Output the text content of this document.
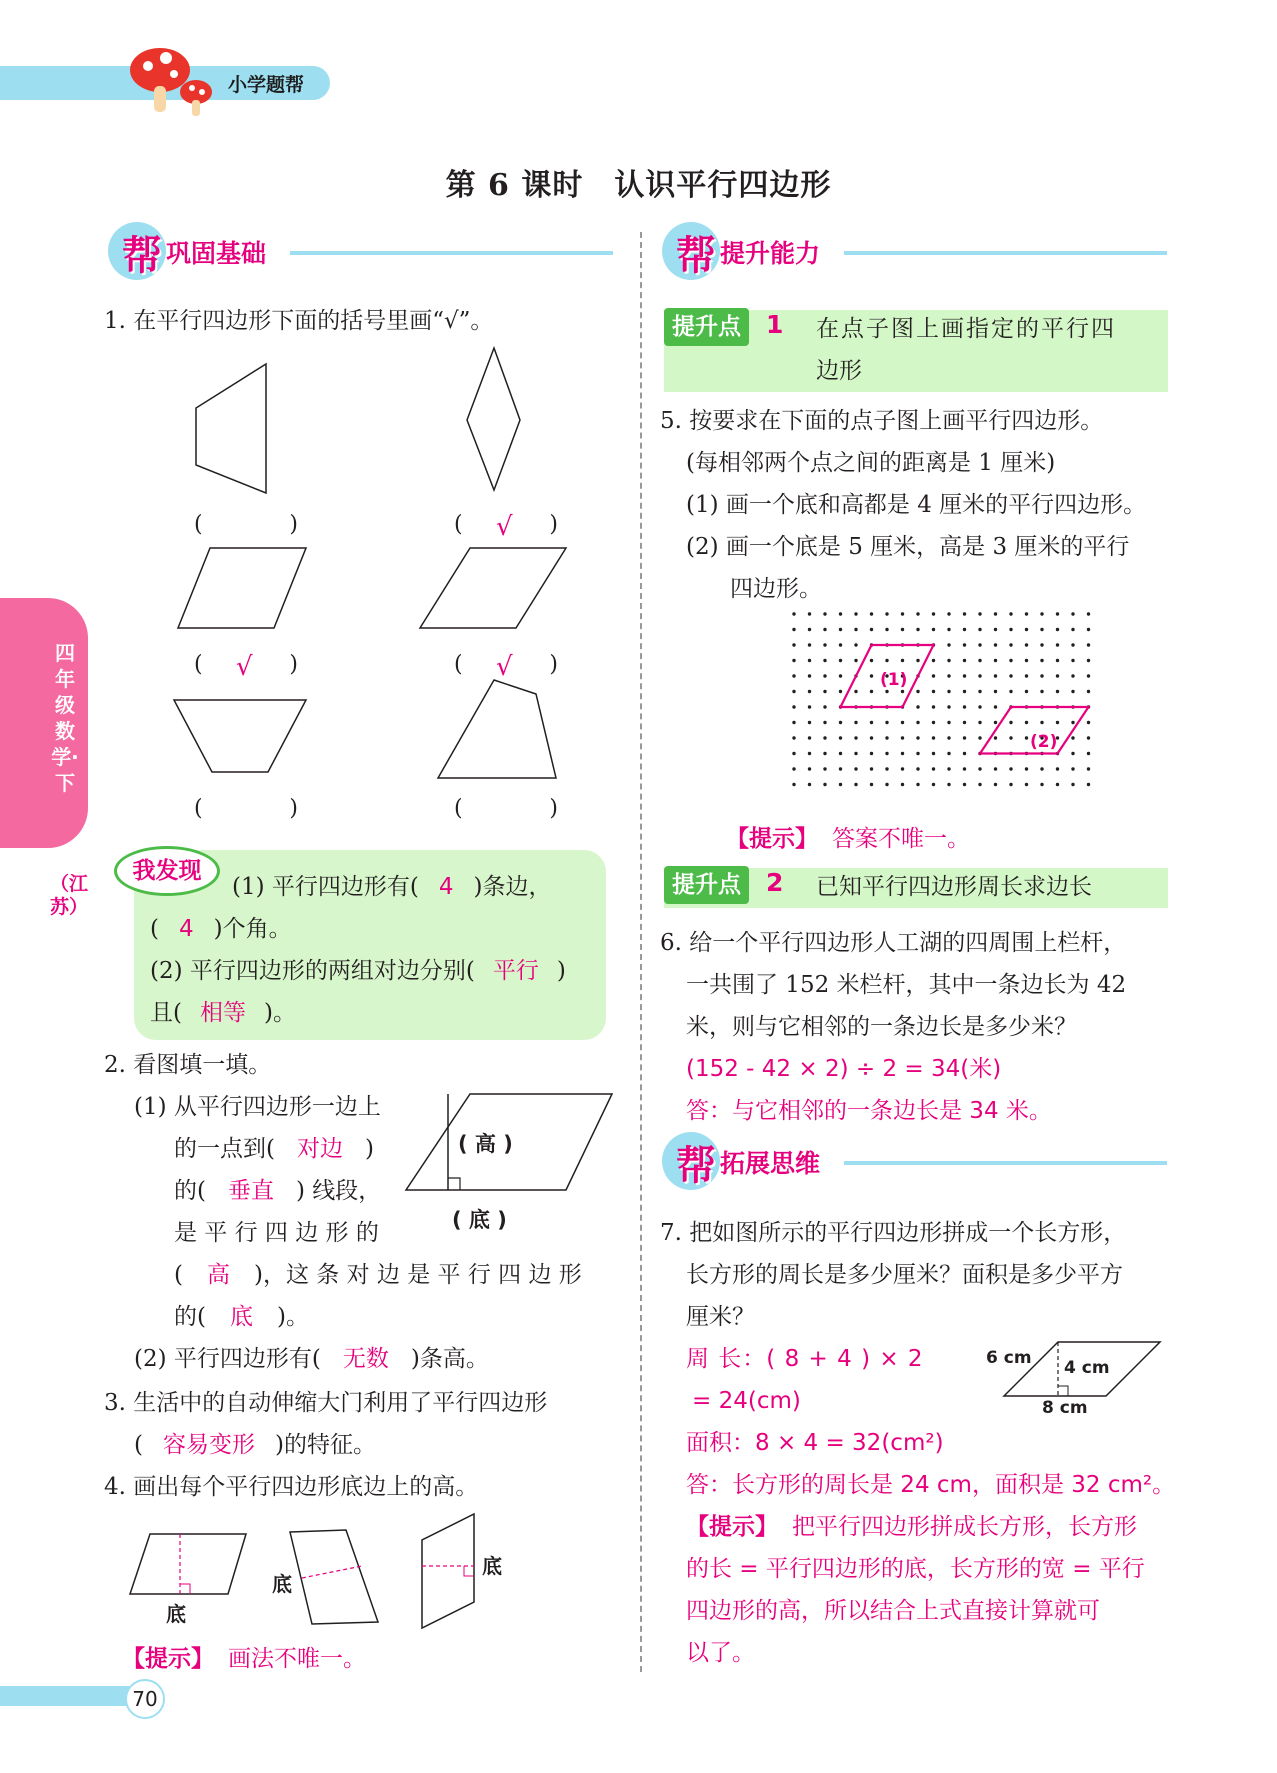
小学题帮
第 6 课时　认识平行四边形
帮 巩固基础	帮 提升能力
帮 拓展思维
四年级数学·下
（江苏）
1. 在平行四边形下面的括号里画“√”。
(	)	( √ )
( √ )	( √ )
(	)	(	)
我发现
(1) 平行四边形有( 4 )条边，
( 4 )个角。
(2) 平行四边形的两组对边分别( 平行 )
且( 相等 )。
2. 看图填一填。
(1) 从平行四边形一边上
的一点到( 对边 )
的( 垂直 ) 线段，
是 平 行 四 边 形 的
( 高 )，这 条 对 边 是 平 行 四 边 形
的( 底 )。
(2) 平行四边形有( 无数 )条高。
( 高 )
( 底 )
3. 生活中的自动伸缩大门利用了平行四边形
( 容易变形 )的特征。
4. 画出每个平行四边形底边上的高。
底
底
底
【提示】 画法不唯一。
提升点	1 在点子图上画指定的平行四
边形
5. 按要求在下面的点子图上画平行四边形。
(每相邻两个点之间的距离是 1 厘米)
(1) 画一个底和高都是 4 厘米的平行四边形。
(2) 画一个底是 5 厘米，高是 3 厘米的平行
四边形。
(1)
(2)
【提示】 答案不唯一。
提升点	2 已知平行四边形周长求边长
6. 给一个平行四边形人工湖的四周围上栏杆，
一共围了 152 米栏杆，其中一条边长为 42
米，则与它相邻的一条边长是多少米？
(152 - 42 × 2) ÷ 2 = 34(米)
答：与它相邻的一条边长是 34 米。
7. 把如图所示的平行四边形拼成一个长方形，
长方形的周长是多少厘米？面积是多少平方
厘米？
周 长：( 8 + 4 ) × 2
= 24(cm)
面积：8 × 4 = 32(cm²)
答：长方形的周长是 24 cm，面积是 32 cm²。
【提示】 把平行四边形拼成长方形，长方形
的长 = 平行四边形的底，长方形的宽 = 平行
四边形的高，所以结合上式直接计算就可
以了。
6 cm 4 cm
8 cm
70
